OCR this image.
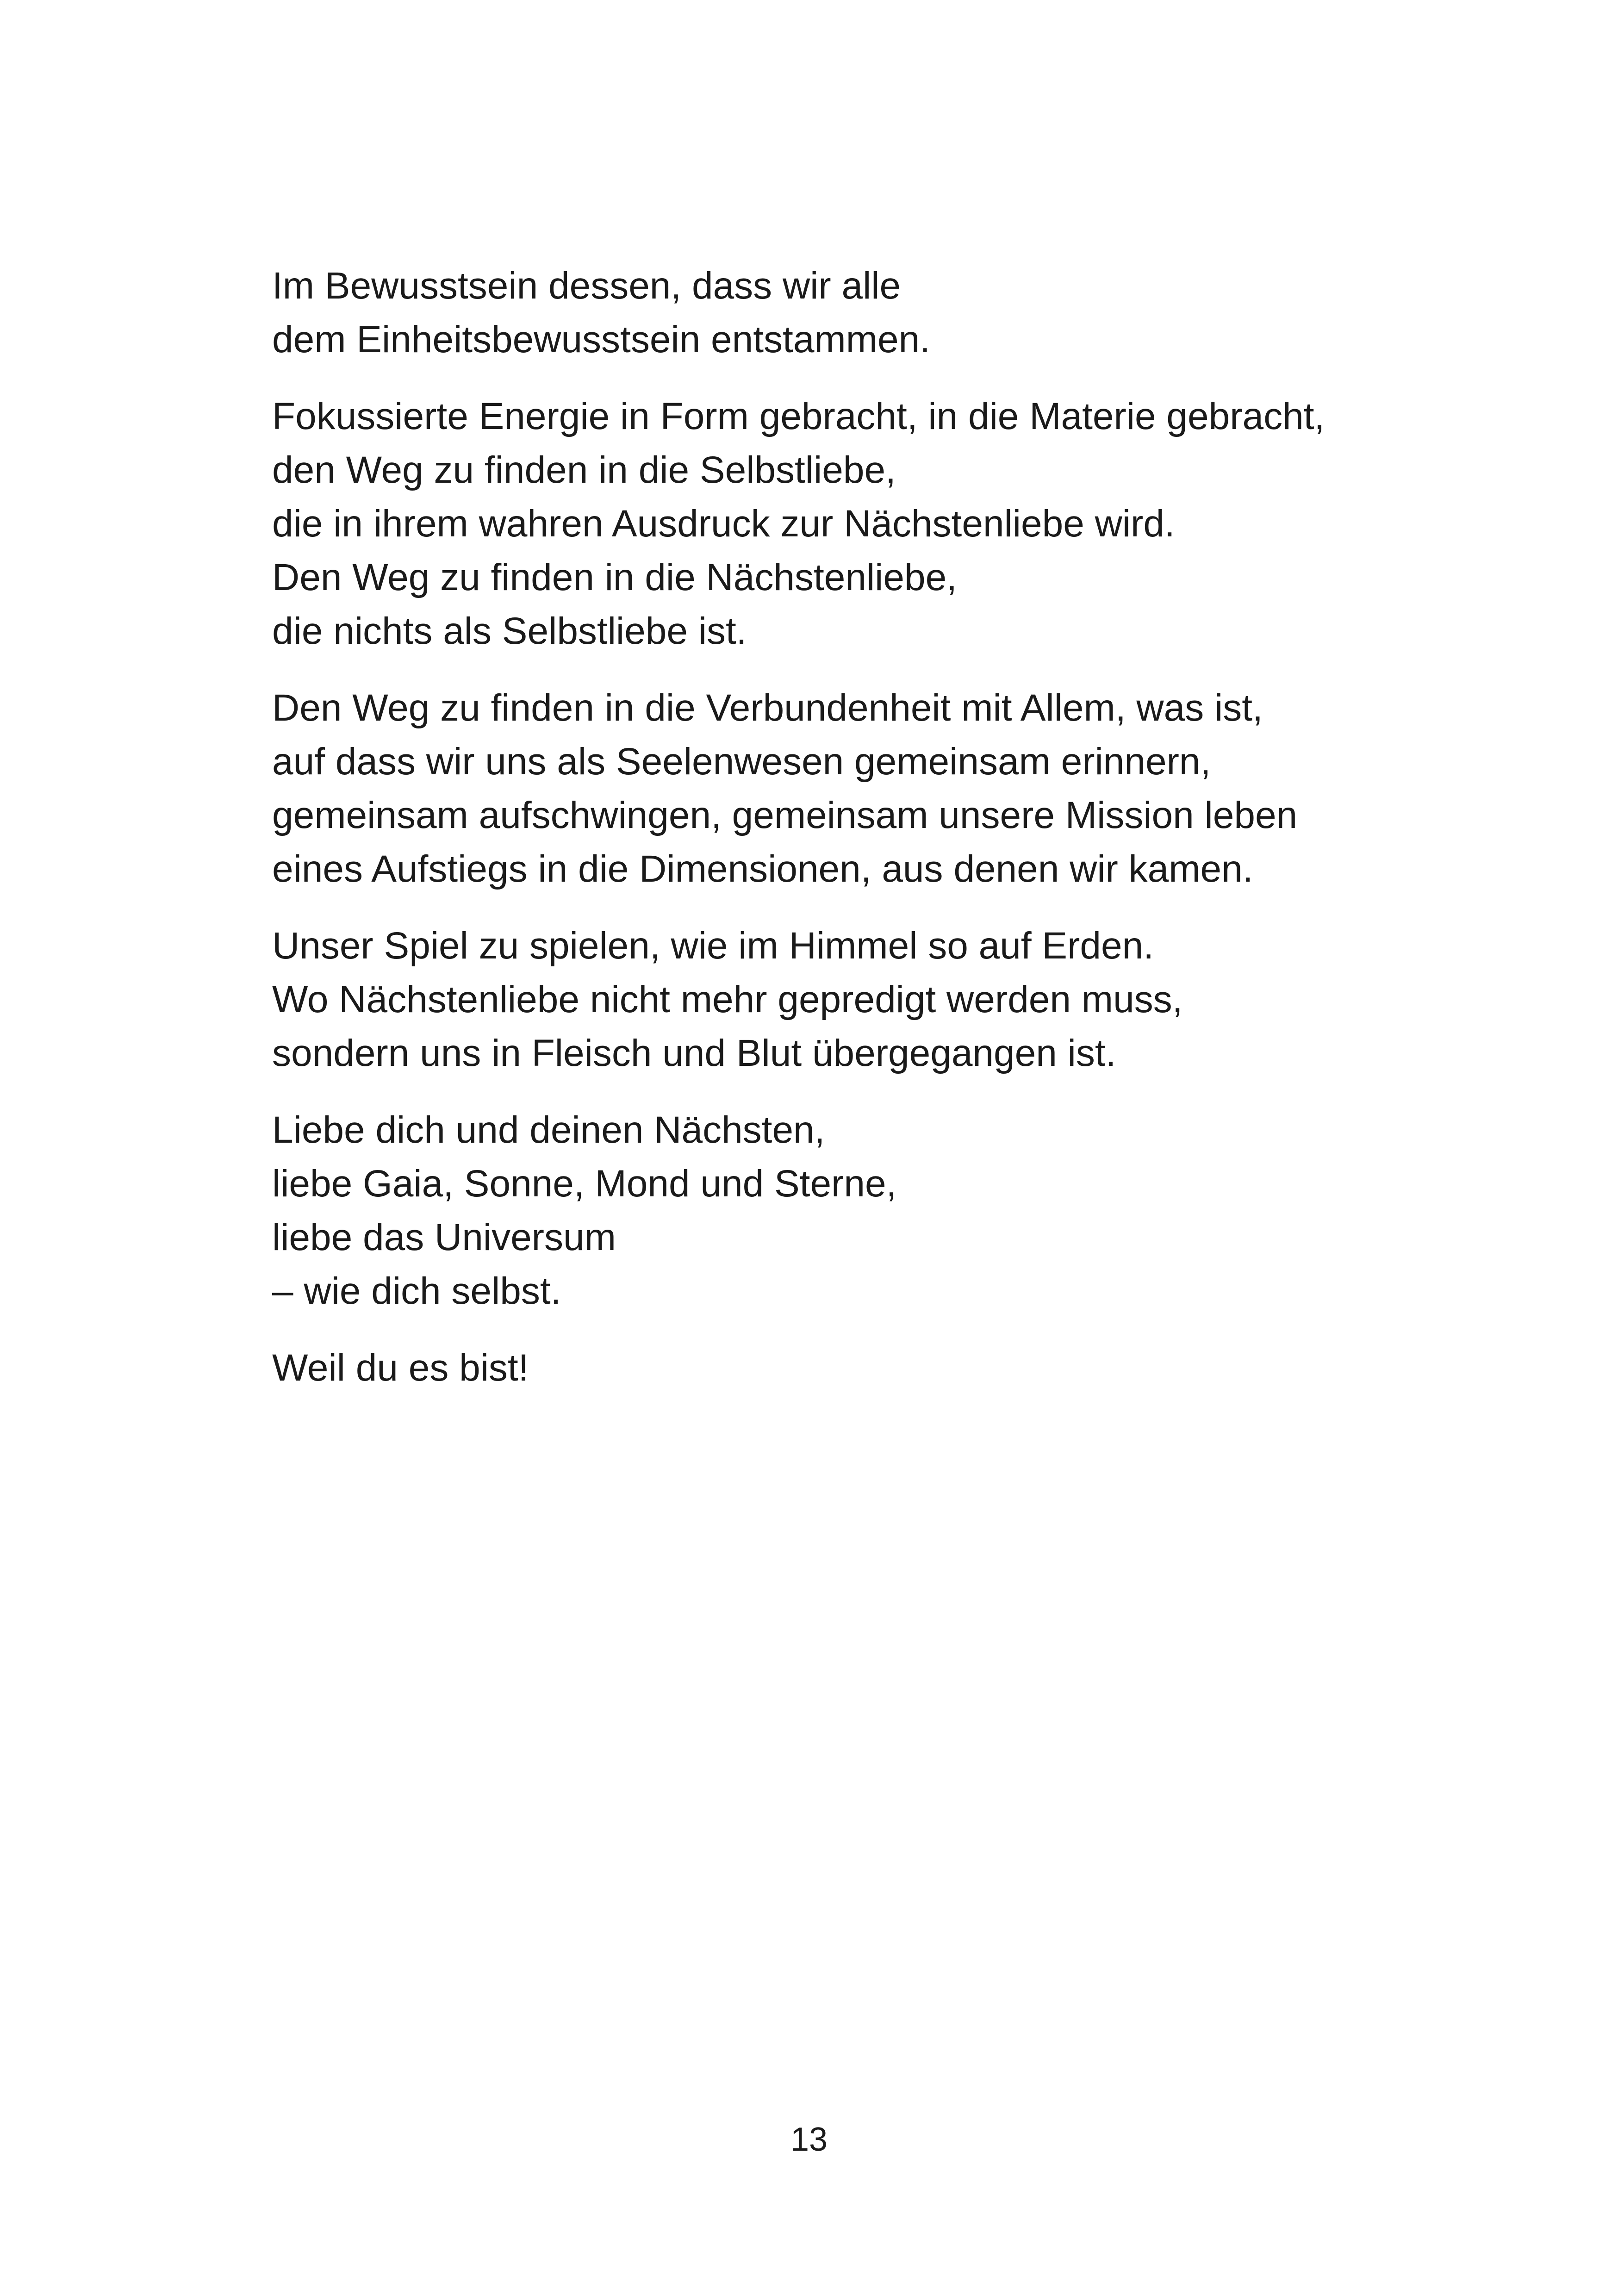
Im Bewusstsein dessen, dass wir alle
dem Einheitsbewusstsein entstammen.
Fokussierte Energie in Form gebracht, in die Materie gebracht,
den Weg zu finden in die Selbstliebe,
die in ihrem wahren Ausdruck zur Nächstenliebe wird.
Den Weg zu finden in die Nächstenliebe,
die nichts als Selbstliebe ist.
Den Weg zu finden in die Verbundenheit mit Allem, was ist,
auf dass wir uns als Seelenwesen gemeinsam erinnern,
gemeinsam aufschwingen, gemeinsam unsere Mission leben
eines Aufstiegs in die Dimensionen, aus denen wir kamen.
Unser Spiel zu spielen, wie im Himmel so auf Erden.
Wo Nächstenliebe nicht mehr gepredigt werden muss,
sondern uns in Fleisch und Blut übergegangen ist.
Liebe dich und deinen Nächsten,
liebe Gaia, Sonne, Mond und Sterne,
liebe das Universum
– wie dich selbst.
Weil du es bist!
13
